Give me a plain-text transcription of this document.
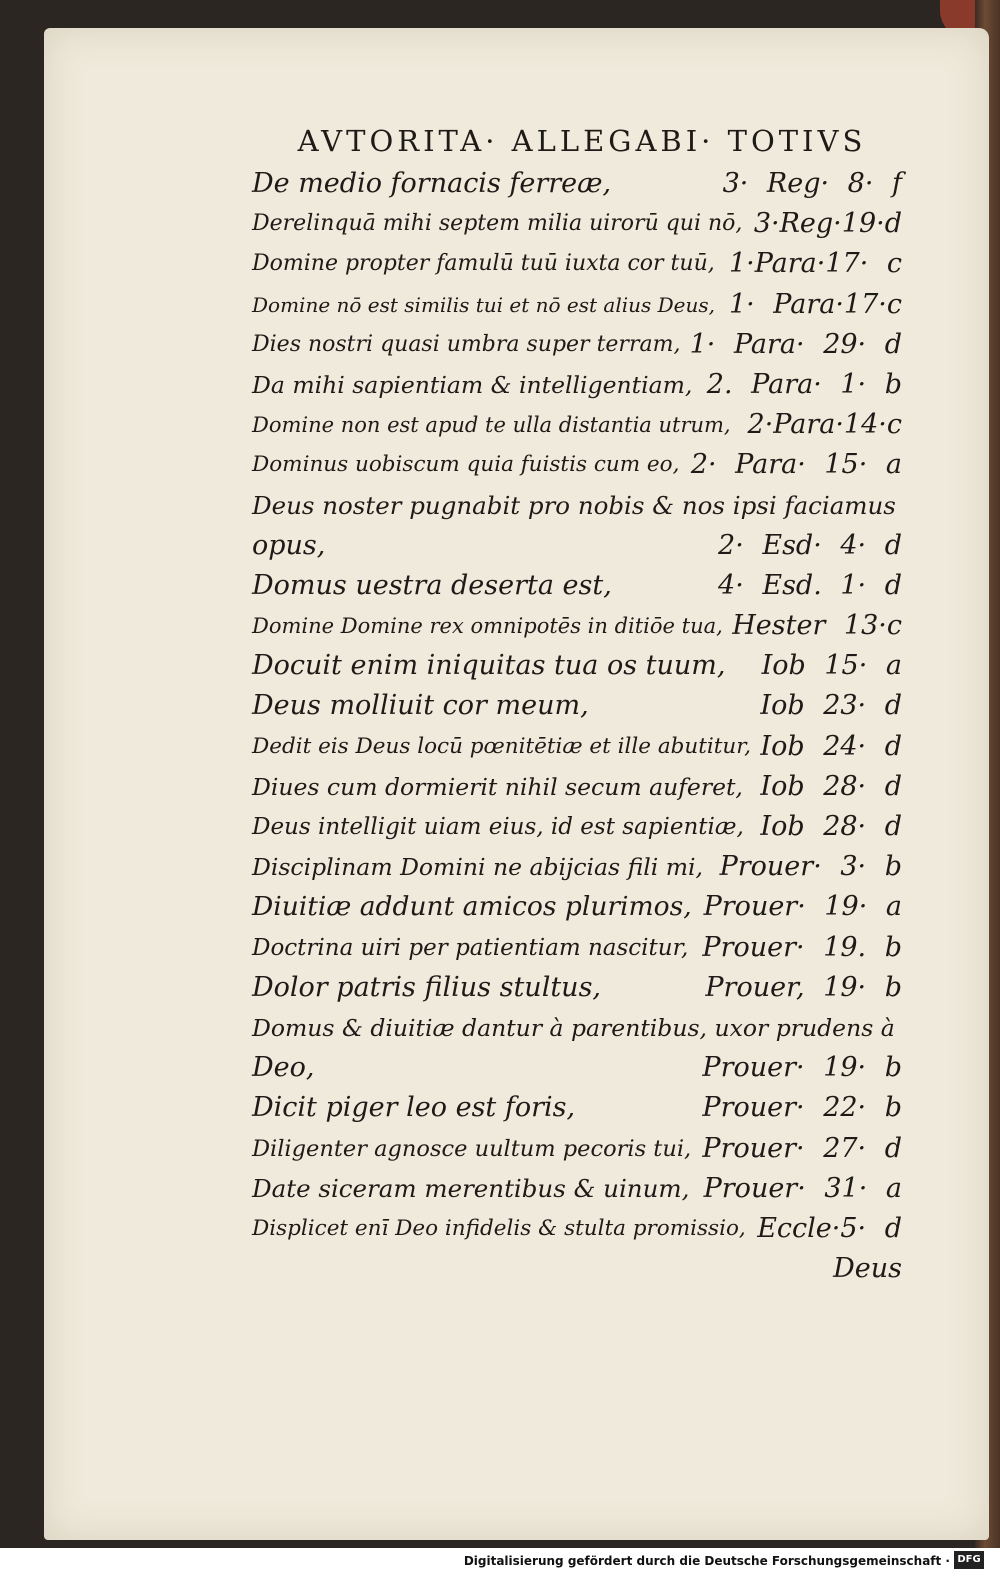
AVTORITA· ALLEGABI· TOTIVS
De medio fornacis ferreæ,	3· Reg· 8· f
Derelinquā mihi septem milia uirorū qui nō, 3·Reg·19·d
Domine propter famulū tuū iuxta cor tuū, 1·Para·17· c
Domine nō est similis tui et nō est alius Deus, 1· Para·17·c
Dies nostri quasi umbra super terram, 1· Para· 29· d
Da mihi sapientiam & intelligentiam, 2. Para· 1· b
Domine non est apud te ulla distantia utrum, 2·Para·14·c
Dominus uobiscum quia fuistis cum eo, 2· Para· 15· a
Deus noster pugnabit pro nobis & nos ipsi faciamus
opus,	2· Esd· 4· d
Domus uestra deserta est,	4· Esd. 1· d
Domine Domine rex omnipotēs in ditiōe tua, Hester 13·c
Docuit enim iniquitas tua os tuum, Iob 15· a
Deus molliuit cor meum,	Iob 23· d
Dedit eis Deus locū pœnitētiæ et ille abutitur, Iob 24· d
Diues cum dormierit nihil secum auferet, Iob 28· d
Deus intelligit uiam eius, id est sapientiæ, Iob 28· d
Disciplinam Domini ne abijcias fili mi, Prouer· 3· b
Diuitiæ addunt amicos plurimos, Prouer· 19· a
Doctrina uiri per patientiam nascitur, Prouer· 19. b
Dolor patris filius stultus,	Prouer, 19· b
Domus & diuitiæ dantur à parentibus, uxor prudens à
Deo,	Prouer· 19· b
Dicit piger leo est foris,	Prouer· 22· b
Diligenter agnosce uultum pecoris tui, Prouer· 27· d
Date siceram merentibus & uinum, Prouer· 31· a
Displicet enī Deo infidelis & stulta promissio, Eccle·5· d
Deus
Digitalisierung gefördert durch die Deutsche Forschungsgemeinschaft · DFG
